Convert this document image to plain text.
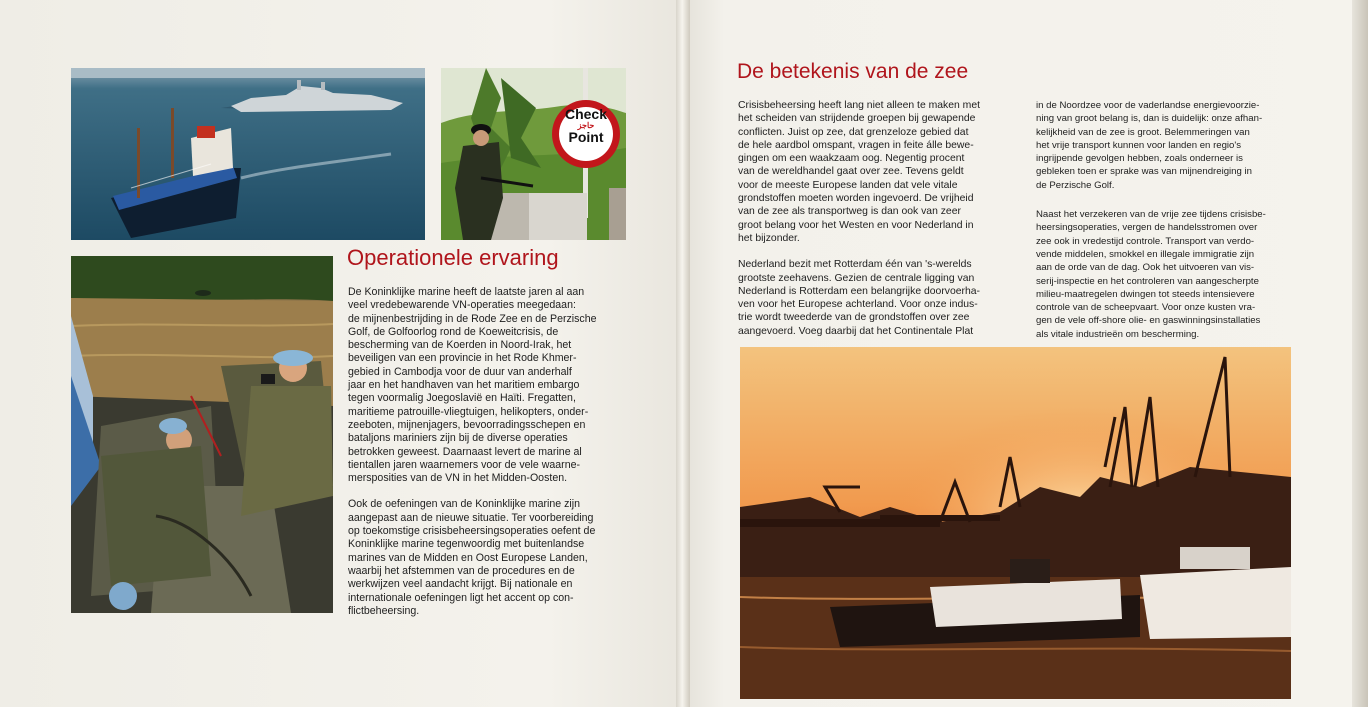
Check
حاجز
Point
Operationele ervaring

De Koninklijke marine heeft de laatste jaren al aan
veel vredebewarende VN-operaties meegedaan:
de mijnenbestrijding in de Rode Zee en de Perzische
Golf, de Golfoorlog rond de Koeweitcrisis, de
bescherming van de Koerden in Noord-Irak, het
beveiligen van een provincie in het Rode Khmer-
gebied in Cambodja voor de duur van anderhalf
jaar en het handhaven van het maritiem embargo
tegen voormalig Joegoslavië en Haïti. Fregatten,
maritieme patrouille-vliegtuigen, helikopters, onder-
zeeboten, mijnenjagers, bevoorradingsschepen en
bataljons mariniers zijn bij de diverse operaties
betrokken geweest. Daarnaast levert de marine al
tientallen jaren waarnemers voor de vele waarne-
mersposities van de VN in het Midden-Oosten.

Ook de oefeningen van de Koninklijke marine zijn
aangepast aan de nieuwe situatie. Ter voorbereiding
op toekomstige crisisbeheersingsoperaties oefent de
Koninklijke marine tegenwoordig met buitenlandse
marines van de Midden en Oost Europese Landen,
waarbij het afstemmen van de procedures en de
werkwijzen veel aandacht krijgt. Bij nationale en
internationale oefeningen ligt het accent op con-
flictbeheersing.

De betekenis van de zee

Crisisbeheersing heeft lang niet alleen te maken met
het scheiden van strijdende groepen bij gewapende
conflicten. Juist op zee, dat grenzeloze gebied dat
de hele aardbol omspant, vragen in feite álle bewe-
gingen om een waakzaam oog. Negentig procent
van de wereldhandel gaat over zee. Tevens geldt
voor de meeste Europese landen dat vele vitale
grondstoffen moeten worden ingevoerd. De vrijheid
van de zee als transportweg is dan ook van zeer
groot belang voor het Westen en voor Nederland in
het bijzonder.

Nederland bezit met Rotterdam één van 's-werelds
grootste zeehavens. Gezien de centrale ligging van
Nederland is Rotterdam een belangrijke doorvoerha-
ven voor het Europese achterland. Voor onze indus-
trie wordt tweederde van de grondstoffen over zee
aangevoerd. Voeg daarbij dat het Continentale Plat

in de Noordzee voor de vaderlandse energievoorzie-
ning van groot belang is, dan is duidelijk: onze afhan-
kelijkheid van de zee is groot. Belemmeringen van
het vrije transport kunnen voor landen en regio's
ingrijpende gevolgen hebben, zoals onderneer is
gebleken toen er sprake was van mijnendreiging in
de Perzische Golf.

Naast het verzekeren van de vrije zee tijdens crisisbe-
heersingsoperaties, vergen de handelsstromen over
zee ook in vredestijd controle. Transport van verdo-
vende middelen, smokkel en illegale immigratie zijn
aan de orde van de dag. Ook het uitvoeren van vis-
serij-inspectie en het controleren van aangescherpte
milieu-maatregelen dwingen tot steeds intensievere
controle van de scheepvaart. Voor onze kusten vra-
gen de vele off-shore olie- en gaswinningsinstallaties
als vitale industrieën om bescherming.
